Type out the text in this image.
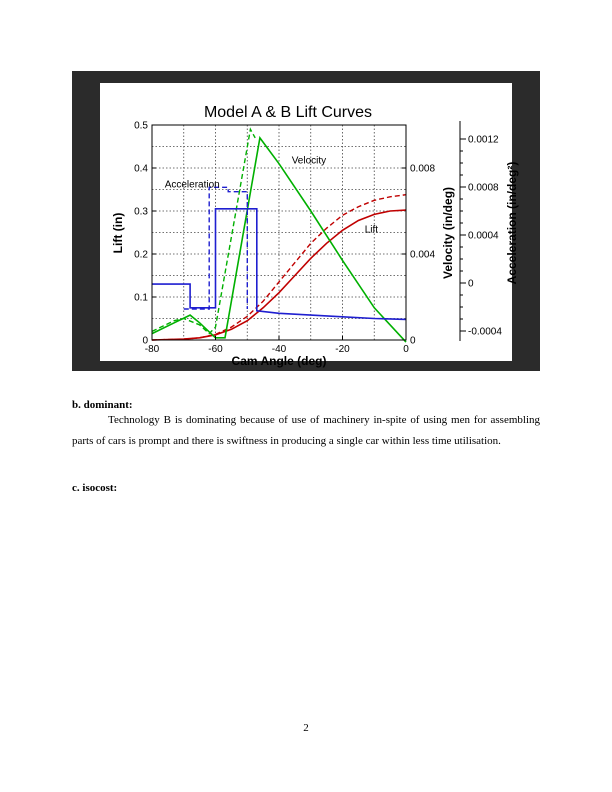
Model A & B Lift Curves
Velocity
Acceleration
Lift
-80	-60	-40	-20	0
0
0.1
0.2
0.3
0.4
0.5
0
0.004
0.008
-0.0004
0
0.0004
0.0008
0.0012
Cam Angle (deg)
Lift (in)	Velocity (in/deg)	Acceleration (in/deg²)

b. dominant:

Technology B is dominating because of use of machinery in-spite of using men for assembling parts of cars is prompt and there is swiftness in producing a single car within less time utilisation.

c. isocost:

2
